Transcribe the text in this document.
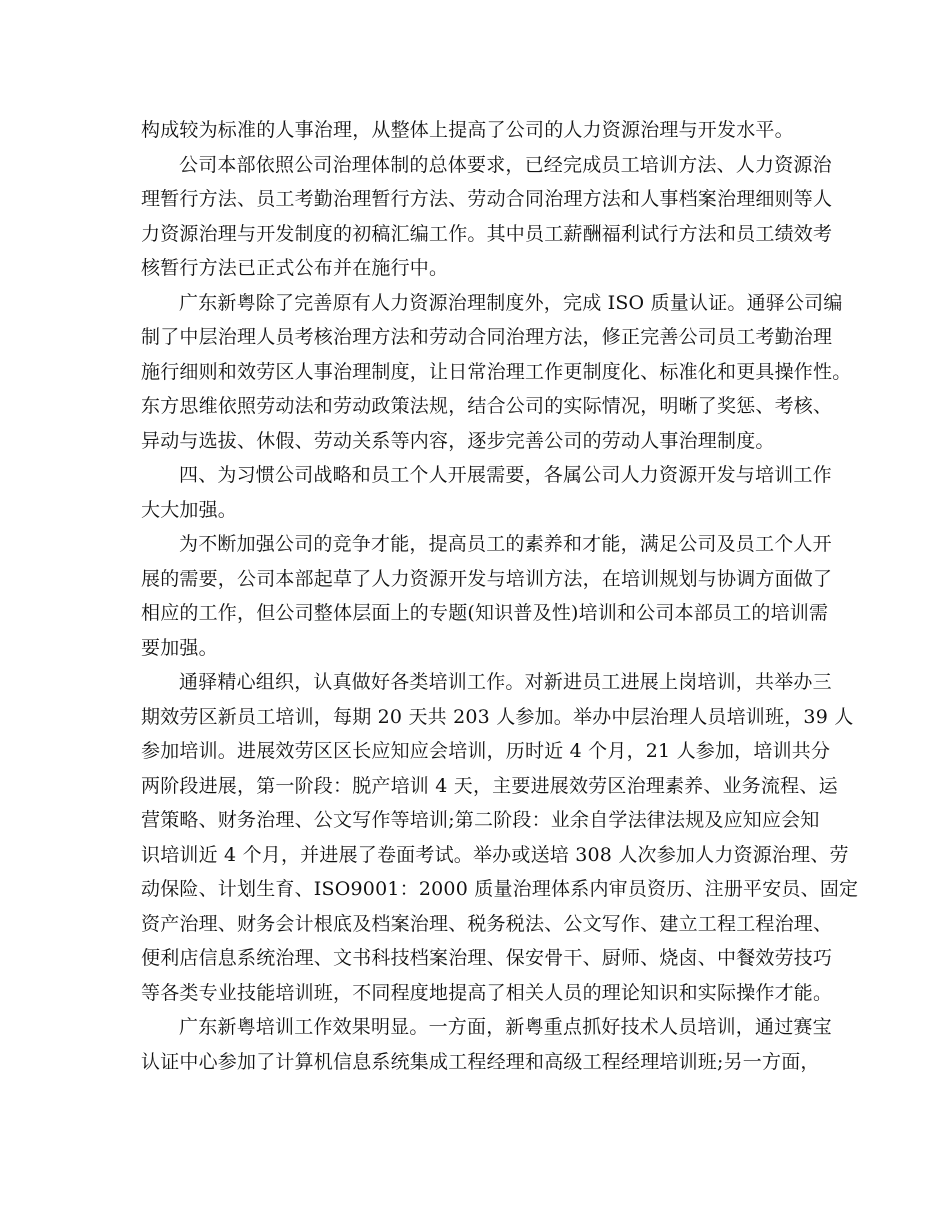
构成较为标准的人事治理，从整体上提高了公司的人力资源治理与开发水平。
公司本部依照公司治理体制的总体要求，已经完成员工培训方法、人力资源治
理暂行方法、员工考勤治理暂行方法、劳动合同治理方法和人事档案治理细则等人
力资源治理与开发制度的初稿汇编工作。其中员工薪酬福利试行方法和员工绩效考
核暂行方法已正式公布并在施行中。
广东新粤除了完善原有人力资源治理制度外，完成 ISO 质量认证。通驿公司编
制了中层治理人员考核治理方法和劳动合同治理方法，修正完善公司员工考勤治理
施行细则和效劳区人事治理制度，让日常治理工作更制度化、标准化和更具操作性。
东方思维依照劳动法和劳动政策法规，结合公司的实际情况，明晰了奖惩、考核、
异动与选拔、休假、劳动关系等内容，逐步完善公司的劳动人事治理制度。
四、为习惯公司战略和员工个人开展需要，各属公司人力资源开发与培训工作
大大加强。
为不断加强公司的竞争才能，提高员工的素养和才能，满足公司及员工个人开
展的需要，公司本部起草了人力资源开发与培训方法，在培训规划与协调方面做了
相应的工作，但公司整体层面上的专题(知识普及性)培训和公司本部员工的培训需
要加强。
通驿精心组织，认真做好各类培训工作。对新进员工进展上岗培训，共举办三
期效劳区新员工培训，每期 20 天共 203 人参加。举办中层治理人员培训班，39 人
参加培训。进展效劳区区长应知应会培训，历时近 4 个月，21 人参加，培训共分
两阶段进展，第一阶段：脱产培训 4 天，主要进展效劳区治理素养、业务流程、运
营策略、财务治理、公文写作等培训;第二阶段：业余自学法律法规及应知应会知
识培训近 4 个月，并进展了卷面考试。举办或送培 308 人次参加人力资源治理、劳
动保险、计划生育、ISO9001：2000 质量治理体系内审员资历、注册平安员、固定
资产治理、财务会计根底及档案治理、税务税法、公文写作、建立工程工程治理、
便利店信息系统治理、文书科技档案治理、保安骨干、厨师、烧卤、中餐效劳技巧
等各类专业技能培训班，不同程度地提高了相关人员的理论知识和实际操作才能。
广东新粤培训工作效果明显。一方面，新粤重点抓好技术人员培训，通过赛宝
认证中心参加了计算机信息系统集成工程经理和高级工程经理培训班;另一方面，
